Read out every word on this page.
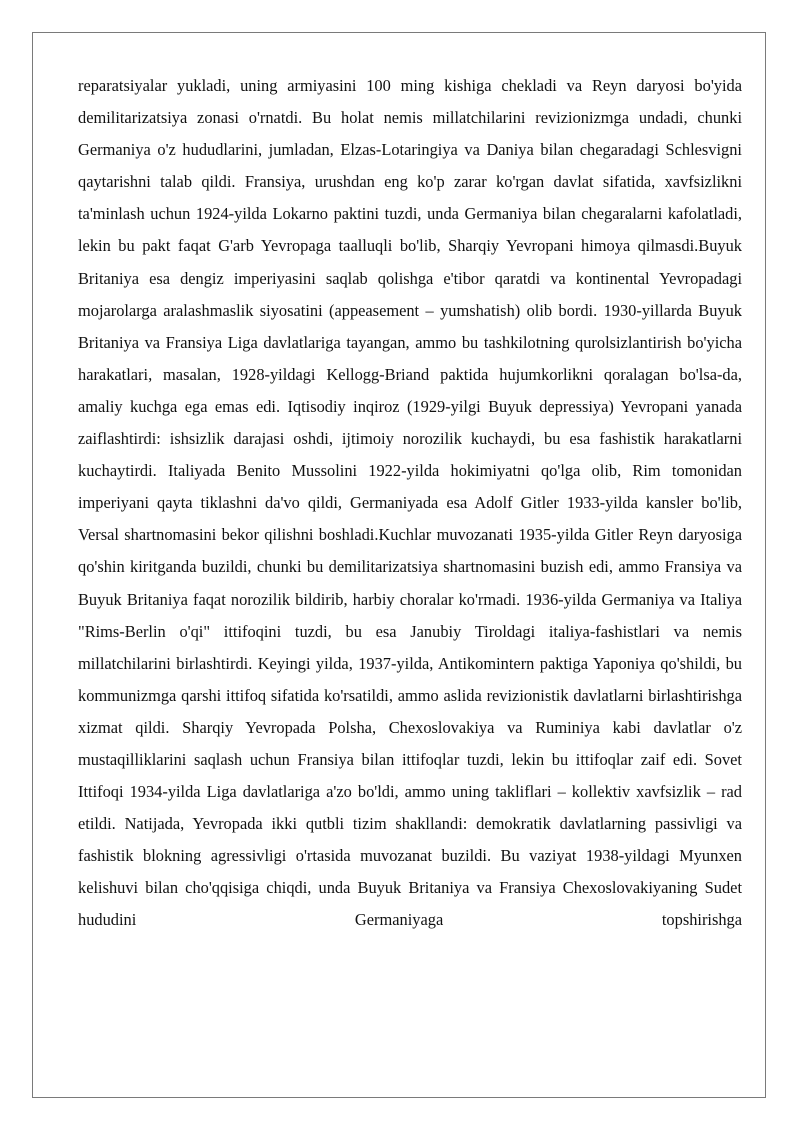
reparatsiyalar yukladi, uning armiyasini 100 ming kishiga chekladi va Reyn daryosi bo'yida demilitarizatsiya zonasi o'rnatdi. Bu holat nemis millatchilarini revizionizmga undadi, chunki Germaniya o'z hududlarini, jumladan, Elzas-Lotaringiya va Daniya bilan chegaradagi Schlesvigni qaytarishni talab qildi. Fransiya, urushdan eng ko'p zarar ko'rgan davlat sifatida, xavfsizlikni ta'minlash uchun 1924-yilda Lokarno paktini tuzdi, unda Germaniya bilan chegaralarni kafolatladi, lekin bu pakt faqat G'arb Yevropaga taalluqli bo'lib, Sharqiy Yevropani himoya qilmasdi.Buyuk Britaniya esa dengiz imperiyasini saqlab qolishga e'tibor qaratdi va kontinental Yevropadagi mojarolarga aralashmaslik siyosatini (appeasement – yumshatish) olib bordi. 1930-yillarda Buyuk Britaniya va Fransiya Liga davlatlariga tayangan, ammo bu tashkilotning qurolsizlantirish bo'yicha harakatlari, masalan, 1928-yildagi Kellogg-Briand paktida hujumkorlikni qoralagan bo'lsa-da, amaliy kuchga ega emas edi. Iqtisodiy inqiroz (1929-yilgi Buyuk depressiya) Yevropani yanada zaiflashtirdi: ishsizlik darajasi oshdi, ijtimoiy norozilik kuchaydi, bu esa fashistik harakatlarni kuchaytirdi. Italiyada Benito Mussolini 1922-yilda hokimiyatni qo'lga olib, Rim tomonidan imperiyani qayta tiklashni da'vo qildi, Germaniyada esa Adolf Gitler 1933-yilda kansler bo'lib, Versal shartnomasini bekor qilishni boshladi.Kuchlar muvozanati 1935-yilda Gitler Reyn daryosiga qo'shin kiritganda buzildi, chunki bu demilitarizatsiya shartnomasini buzish edi, ammo Fransiya va Buyuk Britaniya faqat norozilik bildirib, harbiy choralar ko'rmadi. 1936-yilda Germaniya va Italiya "Rims-Berlin o'qi" ittifoqini tuzdi, bu esa Janubiy Tiroldagi italiya-fashistlari va nemis millatchilarini birlashtirdi. Keyingi yilda, 1937-yilda, Antikomintern paktiga Yaponiya qo'shildi, bu kommunizmga qarshi ittifoq sifatida ko'rsatildi, ammo aslida revizionistik davlatlarni birlashtirishga xizmat qildi. Sharqiy Yevropada Polsha, Chexoslovakiya va Ruminiya kabi davlatlar o'z mustaqilliklarini saqlash uchun Fransiya bilan ittifoqlar tuzdi, lekin bu ittifoqlar zaif edi. Sovet Ittifoqi 1934-yilda Liga davlatlariga a'zo bo'ldi, ammo uning takliflari – kollektiv xavfsizlik – rad etildi. Natijada, Yevropada ikki qutbli tizim shakllandi: demokratik davlatlarning passivligi va fashistik blokning agressivligi o'rtasida muvozanat buzildi. Bu vaziyat 1938-yildagi Myunxen kelishuvi bilan cho'qqisiga chiqdi, unda Buyuk Britaniya va Fransiya Chexoslovakiyaning Sudet hududini Germaniyaga topshirishga
